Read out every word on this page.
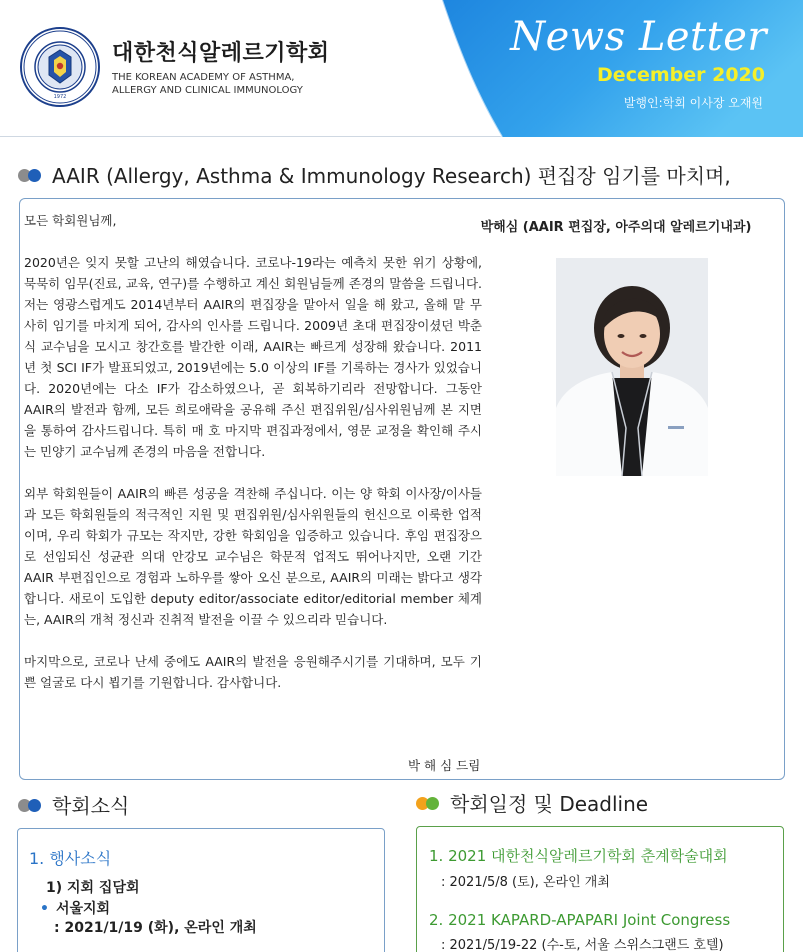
1972
대한천식알레르기학회
THE KOREAN ACADEMY OF ASTHMA,
ALLERGY AND CLINICAL IMMUNOLOGY
News Letter
December 2020
발행인:학회 이사장 오재원
AAIR (Allergy, Asthma & Immunology Research) 편집장 임기를 마치며,

모든 학회원님께,

2020년은 잊지 못할 고난의 해였습니다. 코로나-19라는 예측치 못한 위기 상황에, 묵묵히 임무(진료, 교육, 연구)를 수행하고 계신 회원님들께 존경의 말씀을 드립니다. 저는 영광스럽게도 2014년부터 AAIR의 편집장을 맡아서 일을 해 왔고, 올해 맡 무사히 임기를 마치게 되어, 감사의 인사를 드립니다. 2009년 초대 편집장이셨던 박춘식 교수님을 모시고 창간호를 발간한 이래, AAIR는 빠르게 성장해 왔습니다. 2011년 첫 SCI IF가 발표되었고, 2019년에는 5.0 이상의 IF를 기록하는 경사가 있었습니다. 2020년에는 다소 IF가 감소하였으나, 곧 회복하기리라 전망합니다. 그동안 AAIR의 발전과 함께, 모든 희로애락을 공유해 주신 편집위원/심사위원님께 본 지면을 통하여 감사드립니다. 특히 매 호 마지막 편집과정에서, 영문 교정을 확인해 주시는 민양기 교수님께 존경의 마음을 전합니다.

외부 학회원들이 AAIR의 빠른 성공을 격찬해 주십니다. 이는 양 학회 이사장/이사들과 모든 학회원들의 적극적인 지원 및 편집위원/심사위원들의 헌신으로 이룩한 업적이며, 우리 학회가 규모는 작지만, 강한 학회임을 입증하고 있습니다. 후임 편집장으로 선임되신 성균관 의대 안강모 교수님은 학문적 업적도 뛰어나지만, 오랜 기간 AAIR 부편집인으로 경험과 노하우를 쌓아 오신 분으로, AAIR의 미래는 밝다고 생각합니다. 새로이 도입한 deputy editor/associate editor/editorial member 체계는, AAIR의 개척 정신과 진취적 발전을 이끌 수 있으리라 믿습니다.

마지막으로, 코로나 난세 중에도 AAIR의 발전을 응원해주시기를 기대하며, 모두 기쁜 얼굴로 다시 뵙기를 기원합니다. 감사합니다.

박해심 (AAIR 편집장, 아주의대 알레르기내과)
박 해 심 드림
학회소식
1. 행사소식
1) 지회 집담회
• 서울지회
: 2021/1/19 (화), 온라인 개최
학회일정 및 Deadline
1. 2021 대한천식알레르기학회 춘계학술대회
: 2021/5/8 (토), 온라인 개최
2. 2021 KAPARD-APAPARI Joint Congress
: 2021/5/19-22 (수-토, 서울 스위스그랜드 호텔)
